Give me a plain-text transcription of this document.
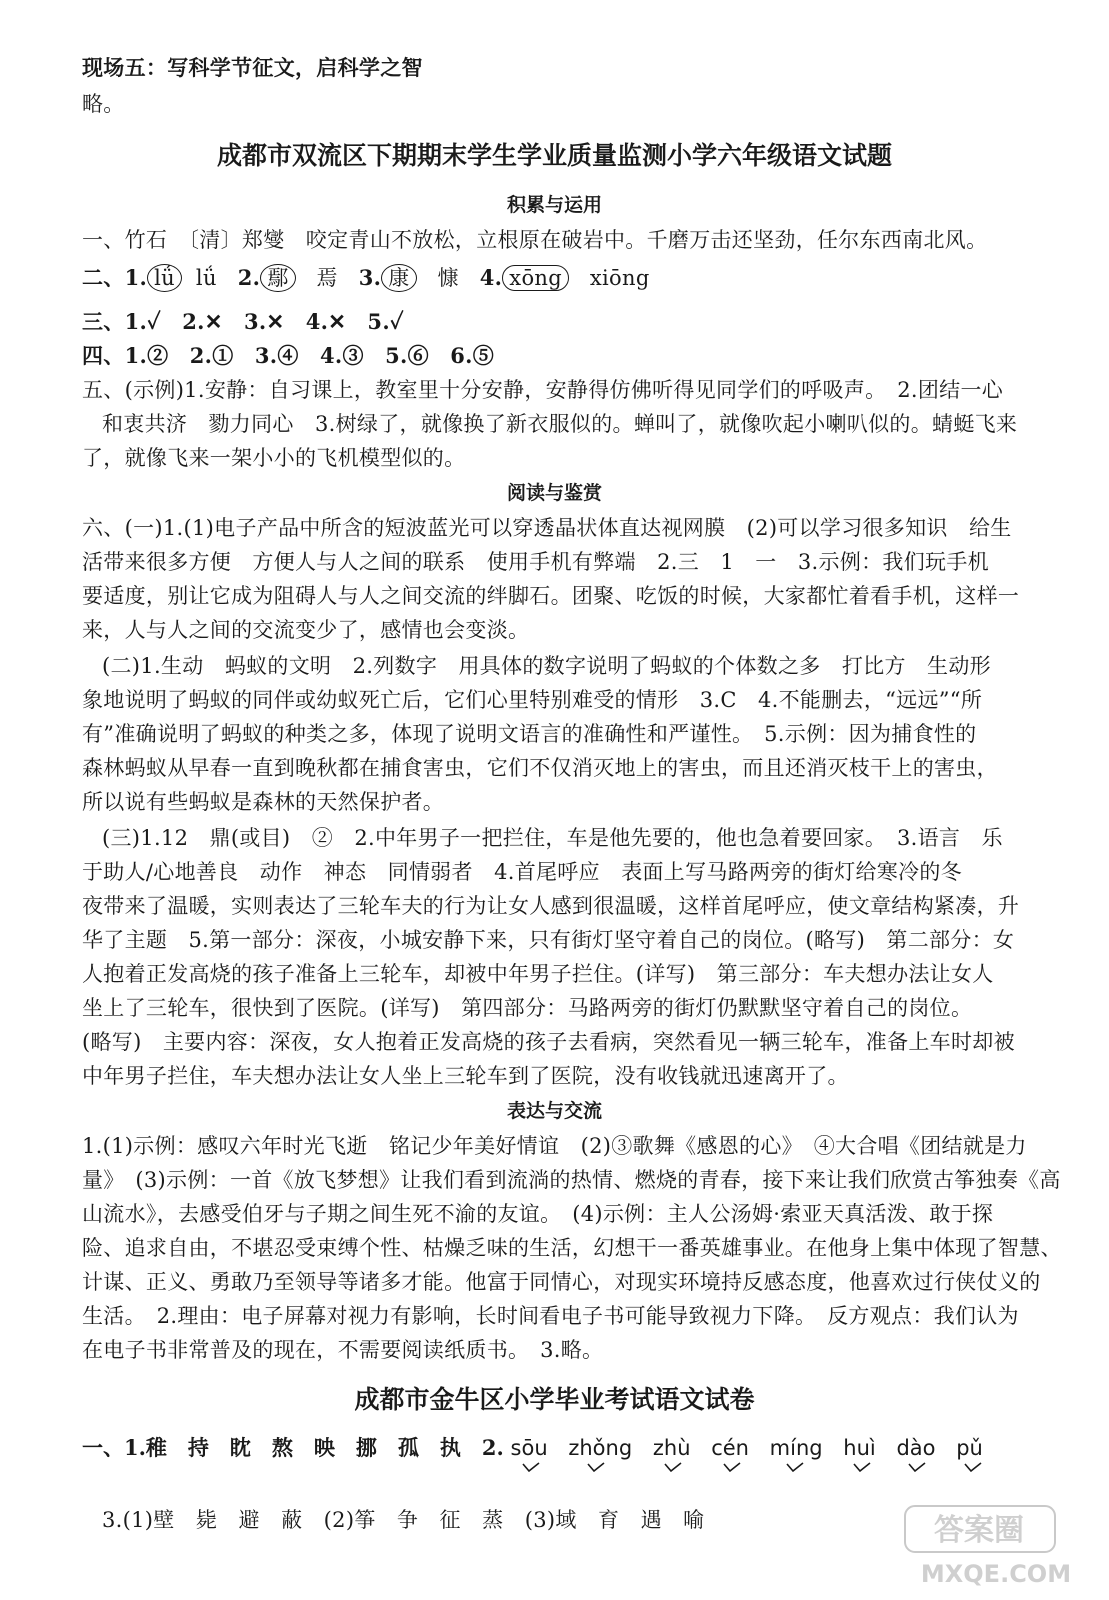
现场五：写科学节征文，启科学之智
略。
成都市双流区下期期末学生学业质量监测小学六年级语文试题
积累与运用
一、竹石　〔清〕郑燮　咬定青山不放松，立根原在破岩中。千磨万击还坚劲，任尔东西南北风。
二、1. lǘ lǘ 2. 鄢 焉 3. 康 慷 4. xōng xiōng
三、1.✓　2.✕　3.✕　4.✕　5.✓
四、1.②　2.①　3.④　4.③　5.⑥　6.⑤
五、(示例)1.安静：自习课上，教室里十分安静，安静得仿佛听得见同学们的呼吸声。　2.团结一心
和衷共济　勠力同心　3.树绿了，就像换了新衣服似的。蝉叫了，就像吹起小喇叭似的。蜻蜓飞来
了，就像飞来一架小小的飞机模型似的。
阅读与鉴赏
六、(一)1.(1)电子产品中所含的短波蓝光可以穿透晶状体直达视网膜　(2)可以学习很多知识　给生
活带来很多方便　方便人与人之间的联系　使用手机有弊端　2.三　1　一　3.示例：我们玩手机
要适度，别让它成为阻碍人与人之间交流的绊脚石。团聚、吃饭的时候，大家都忙着看手机，这样一
来，人与人之间的交流变少了，感情也会变淡。
(二)1.生动　蚂蚁的文明　2.列数字　用具体的数字说明了蚂蚁的个体数之多　打比方　生动形
象地说明了蚂蚁的同伴或幼蚁死亡后，它们心里特别难受的情形　3.C　4.不能删去，“远远”“所
有”准确说明了蚂蚁的种类之多，体现了说明文语言的准确性和严谨性。　5.示例：因为捕食性的
森林蚂蚁从早春一直到晚秋都在捕食害虫，它们不仅消灭地上的害虫，而且还消灭枝干上的害虫，
所以说有些蚂蚁是森林的天然保护者。
(三)1.12　鼎(或目)　②　2.中年男子一把拦住，车是他先要的，他也急着要回家。　3.语言　乐
于助人/心地善良　动作　神态　同情弱者　4.首尾呼应　表面上写马路两旁的街灯给寒冷的冬
夜带来了温暖，实则表达了三轮车夫的行为让女人感到很温暖，这样首尾呼应，使文章结构紧凑，升
华了主题　5.第一部分：深夜，小城安静下来，只有街灯坚守着自己的岗位。(略写)　第二部分：女
人抱着正发高烧的孩子准备上三轮车，却被中年男子拦住。(详写)　第三部分：车夫想办法让女人
坐上了三轮车，很快到了医院。(详写)　第四部分：马路两旁的街灯仍默默坚守着自己的岗位。
(略写)　主要内容：深夜，女人抱着正发高烧的孩子去看病，突然看见一辆三轮车，准备上车时却被
中年男子拦住，车夫想办法让女人坐上三轮车到了医院，没有收钱就迅速离开了。
表达与交流
1.(1)示例：感叹六年时光飞逝　铭记少年美好情谊　(2)③歌舞《感恩的心》　④大合唱《团结就是力
量》　(3)示例：一首《放飞梦想》让我们看到流淌的热情、燃烧的青春，接下来让我们欣赏古筝独奏《高
山流水》，去感受伯牙与子期之间生死不渝的友谊。　(4)示例：主人公汤姆·索亚天真活泼、敢于探
险、追求自由，不堪忍受束缚个性、枯燥乏味的生活，幻想干一番英雄事业。在他身上集中体现了智慧、
计谋、正义、勇敢乃至领导等诸多才能。他富于同情心，对现实环境持反感态度，他喜欢过行侠仗义的
生活。　2.理由：电子屏幕对视力有影响，长时间看电子书可能导致视力下降。　反方观点：我们认为
在电子书非常普及的现在，不需要阅读纸质书。　3.略。
成都市金牛区小学毕业考试语文试卷
一、1.稚　持　眈　熬　映　挪　孤　执　2. sōu zhǒng zhù cén míng huì dào pǔ
3.(1)壁　毙　避　蔽　(2)筝　争　征　蒸　(3)域　育　遇　喻	答案圈
MXQE.COM
